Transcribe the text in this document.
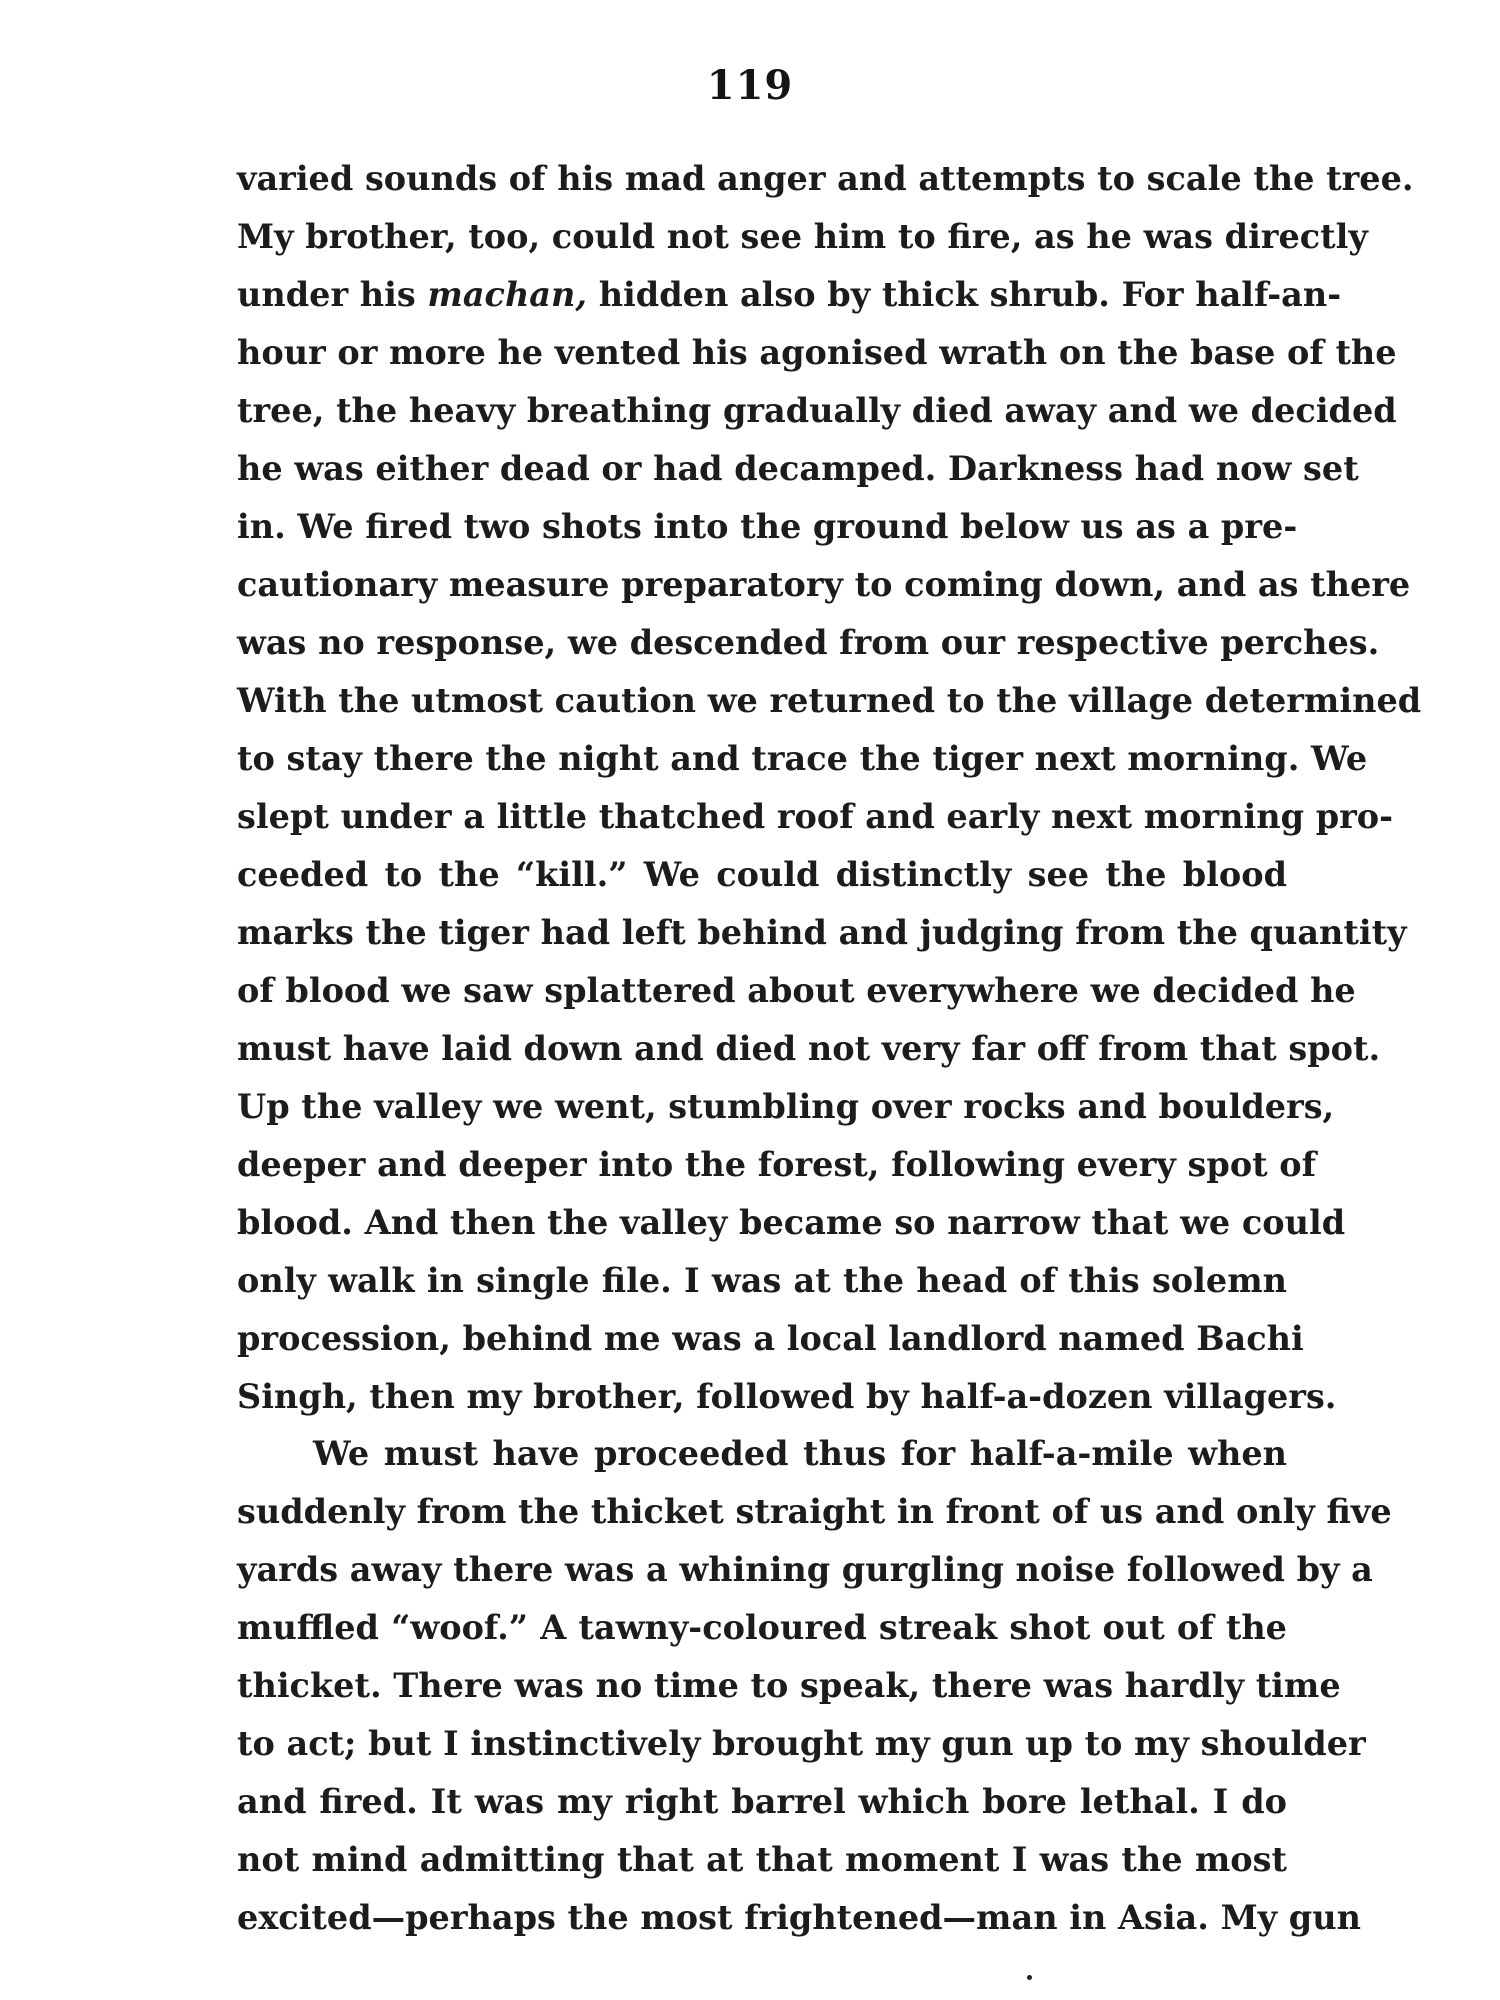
119
varied sounds of his mad anger and attempts to scale the tree.
My brother, too, could not see him to fire, as he was directly
under his machan, hidden also by thick shrub. For half-an-
hour or more he vented his agonised wrath on the base of the
tree, the heavy breathing gradually died away and we decided
he was either dead or had decamped. Darkness had now set
in. We fired two shots into the ground below us as a pre-
cautionary measure preparatory to coming down, and as there
was no response, we descended from our respective perches.
With the utmost caution we returned to the village determined
to stay there the night and trace the tiger next morning. We
slept under a little thatched roof and early next morning pro-
ceeded to the “kill.” We could distinctly see the blood
marks the tiger had left behind and judging from the quantity
of blood we saw splattered about everywhere we decided he
must have laid down and died not very far off from that spot.
Up the valley we went, stumbling over rocks and boulders,
deeper and deeper into the forest, following every spot of
blood. And then the valley became so narrow that we could
only walk in single file. I was at the head of this solemn
procession, behind me was a local landlord named Bachi
Singh, then my brother, followed by half-a-dozen villagers.
We must have proceeded thus for half-a-mile when
suddenly from the thicket straight in front of us and only five
yards away there was a whining gurgling noise followed by a
muffled “woof.” A tawny-coloured streak shot out of the
thicket. There was no time to speak, there was hardly time
to act; but I instinctively brought my gun up to my shoulder
and fired. It was my right barrel which bore lethal. I do
not mind admitting that at that moment I was the most
excited—perhaps the most frightened—man in Asia. My gun
